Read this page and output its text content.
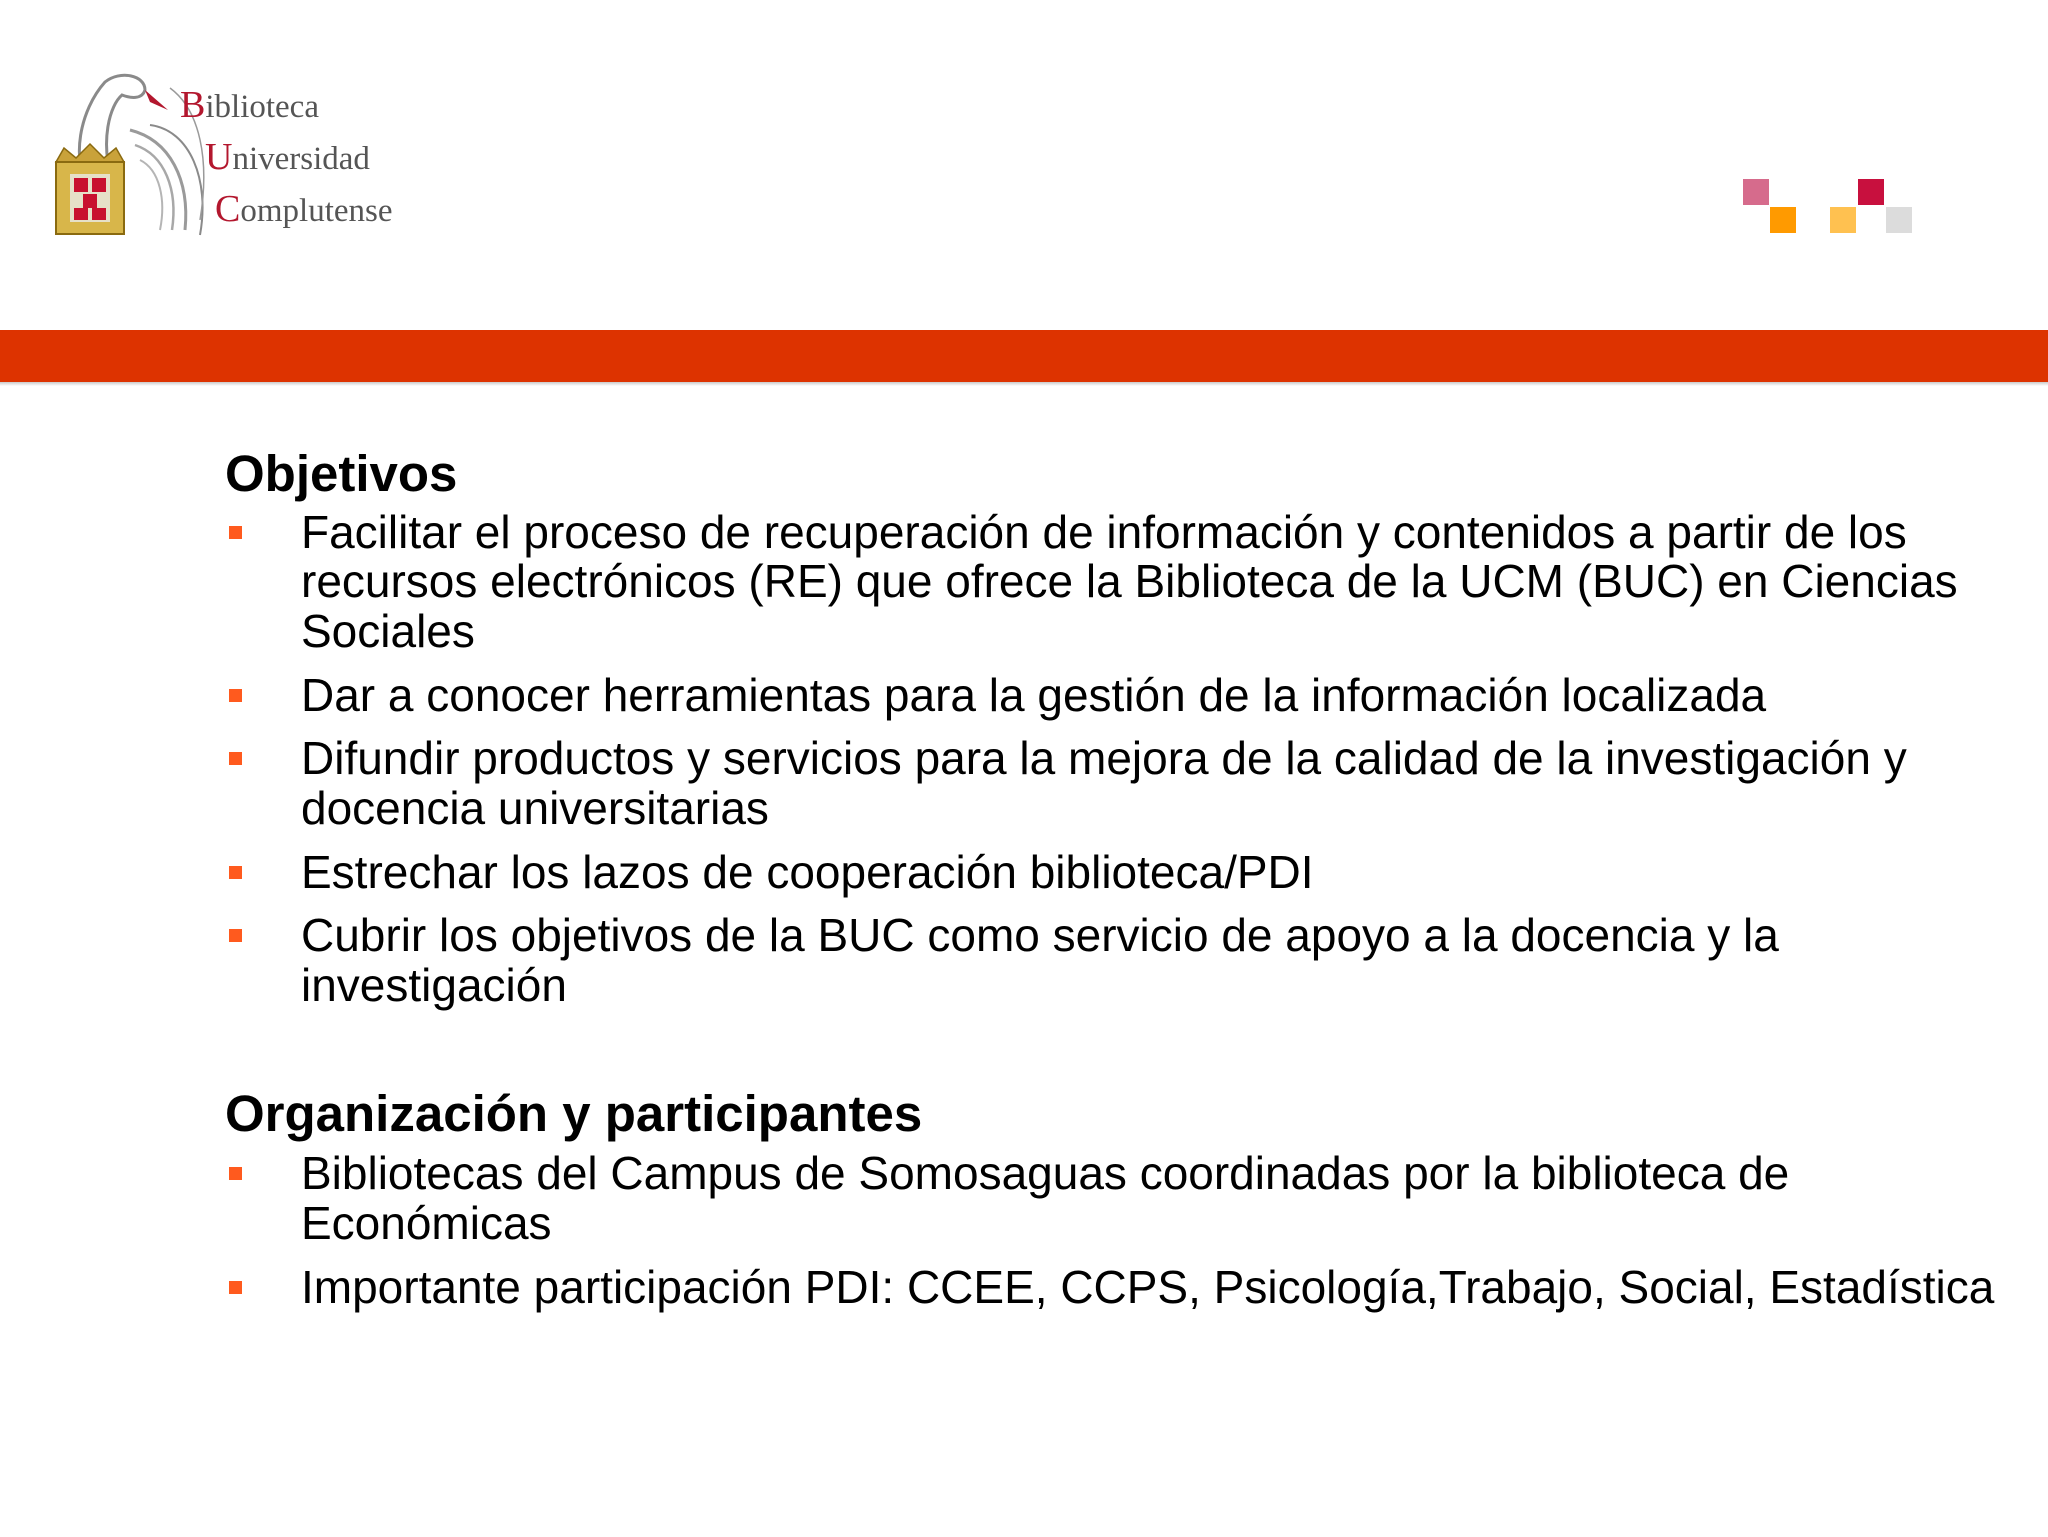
Biblioteca
Universidad
Complutense
Objetivos
Facilitar el proceso de recuperación de información y contenidos a partir de los recursos electrónicos (RE) que ofrece la Biblioteca de la UCM (BUC) en Ciencias Sociales
Dar a conocer herramientas para la gestión de la información localizada
Difundir productos y servicios para la mejora de la calidad de la investigación y docencia universitarias
Estrechar los lazos de cooperación biblioteca/PDI
Cubrir los objetivos de la BUC como servicio de apoyo a la docencia y la investigación
Organización y participantes
Bibliotecas del Campus de Somosaguas coordinadas por la biblioteca de Económicas
Importante participación PDI: CCEE, CCPS, Psicología,Trabajo, Social, Estadística
